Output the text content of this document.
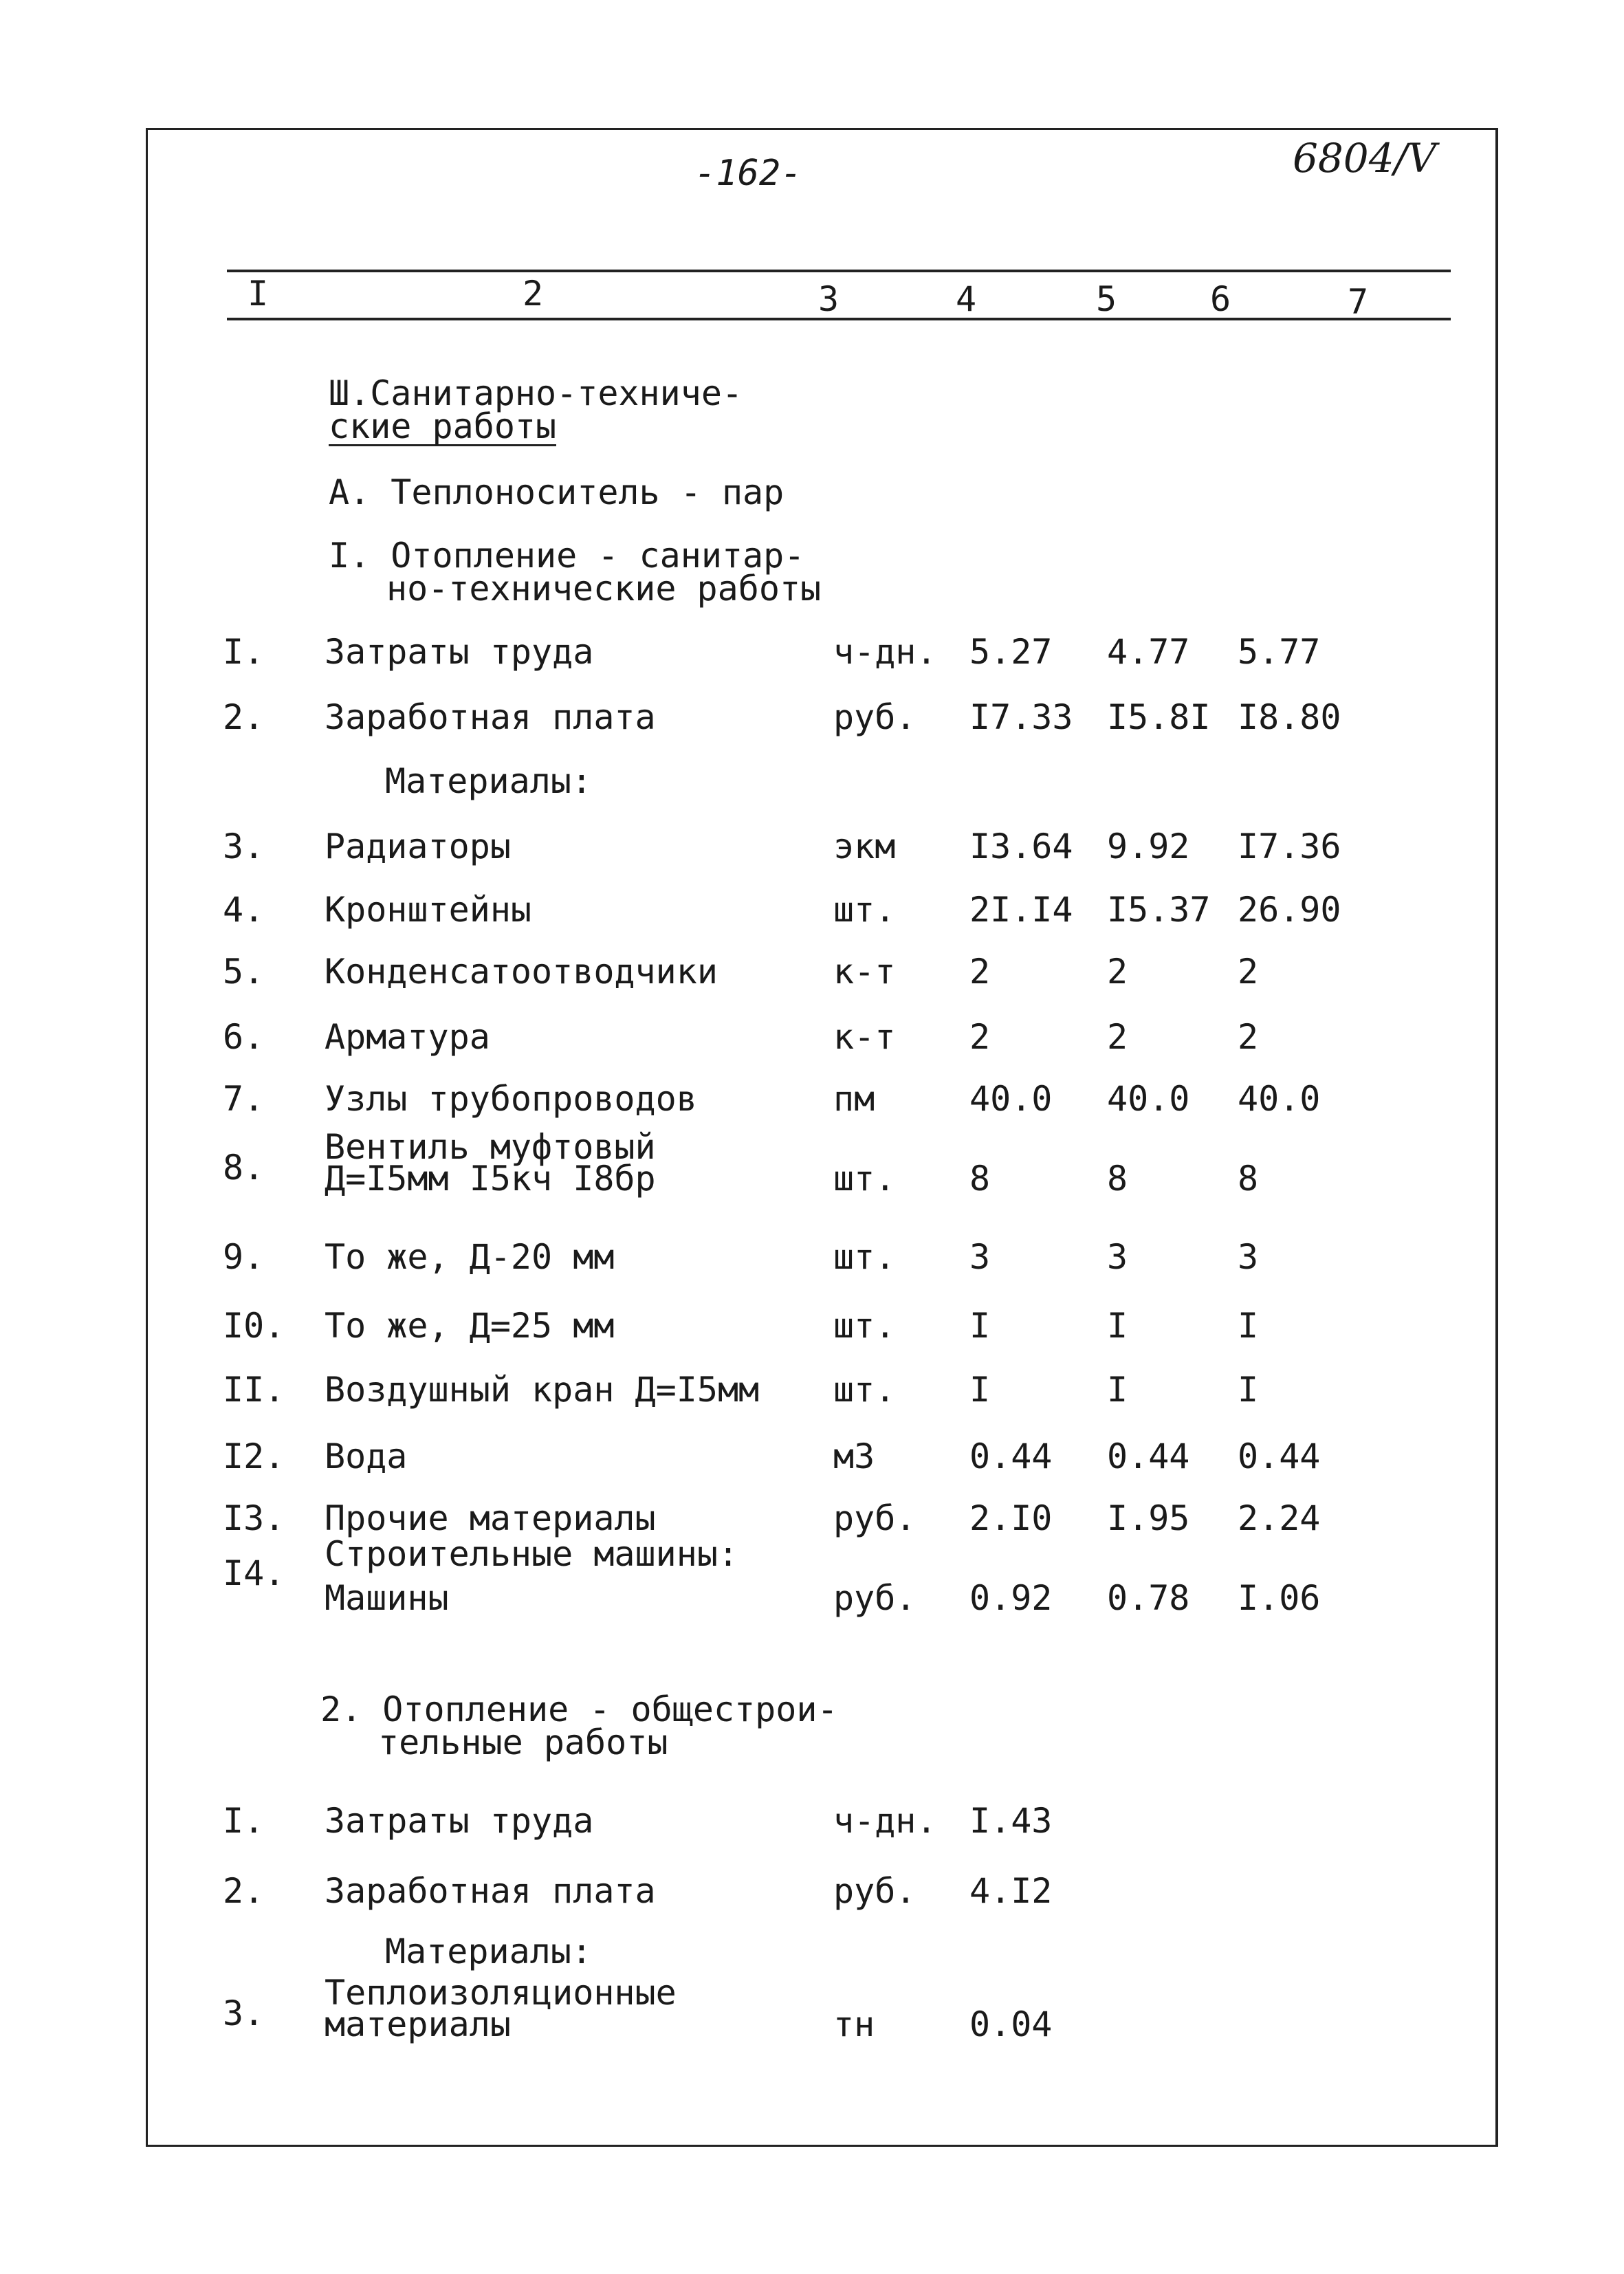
-162-	6804/V
I	2	3	4	5	6	7
Ш.Санитарно-техниче-
ские работы
А. Теплоноситель - пар
I. Отопление - санитар-
но-технические работы
I. Затраты труда	ч-дн. 5.27 4.77 5.77
2. Заработная плата	руб. I7.33 I5.8I I8.80
Материалы:
3. Радиаторы	экм I3.64 9.92 I7.36
4. Кронштейны	шт. 2I.I4 I5.37 26.90
5. Конденсатоотводчики	к-т 2	2	2
6. Арматура	к-т 2	2	2
7. Узлы трубопроводов	пм	40.0 40.0 40.0
8.
Вентиль муфтовый
Д=I5мм I5кч I8бр	шт. 8	8	8
9. То же, Д-20 мм	шт. 3	3	3
I0. То же, Д=25 мм	шт. I	I	I
II. Воздушный кран Д=I5мм шт. I	I	I
I2. Вода	м3	0.44 0.44 0.44
I3. Прочие материалы	руб. 2.I0 I.95 2.24
I4. Строительные машины:
Машины	руб. 0.92 0.78 I.06
2. Отопление - общестрои-
тельные работы
I. Затраты труда	ч-дн. I.43
2. Заработная плата	руб. 4.I2
Материалы:
3.
Теплоизоляционные
материалы	тн	0.04
